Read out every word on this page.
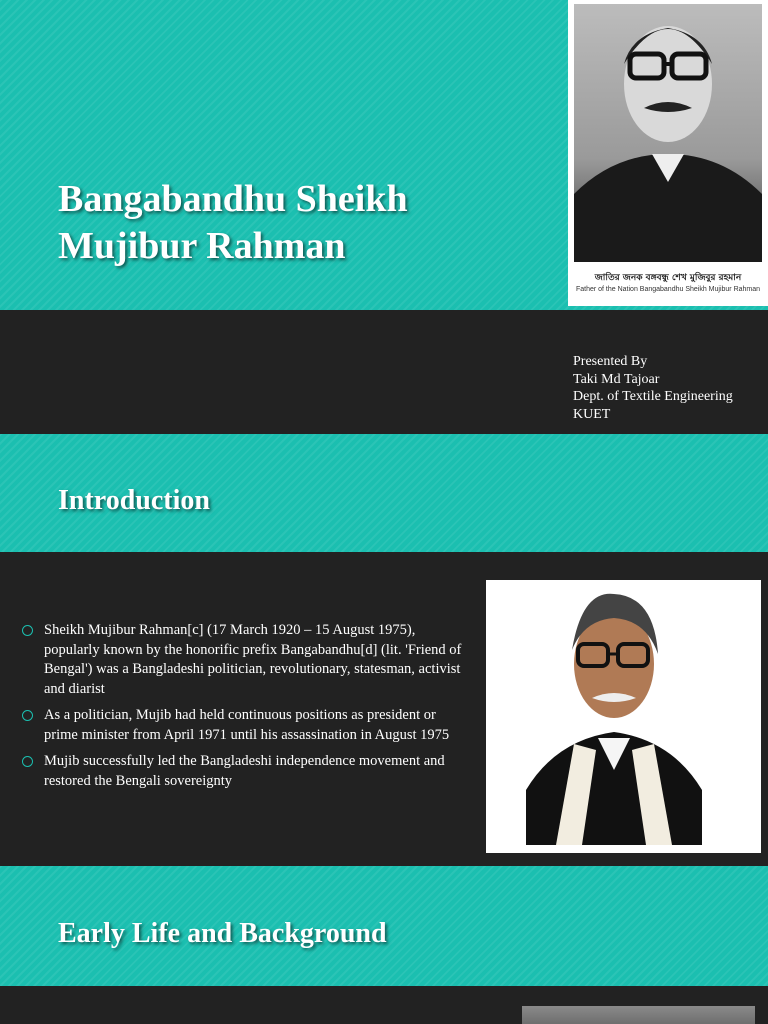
Bangabandhu Sheikh Mujibur Rahman
জাতির জনক বঙ্গবন্ধু শেখ মুজিবুর রহমান
Father of the Nation Bangabandhu Sheikh Mujibur Rahman
Presented By
Taki Md Tajoar
Dept. of Textile Engineering
KUET
Introduction
Sheikh Mujibur Rahman[c] (17 March 1920 – 15 August 1975), popularly known by the honorific prefix Bangabandhu[d] (lit. 'Friend of Bengal') was a Bangladeshi politician, revolutionary, statesman, activist and diarist
As a politician, Mujib had held continuous positions as president or prime minister from April 1971 until his assassination in August 1975
Mujib successfully led the Bangladeshi independence movement and restored the Bengali sovereignty
Early Life and Background
